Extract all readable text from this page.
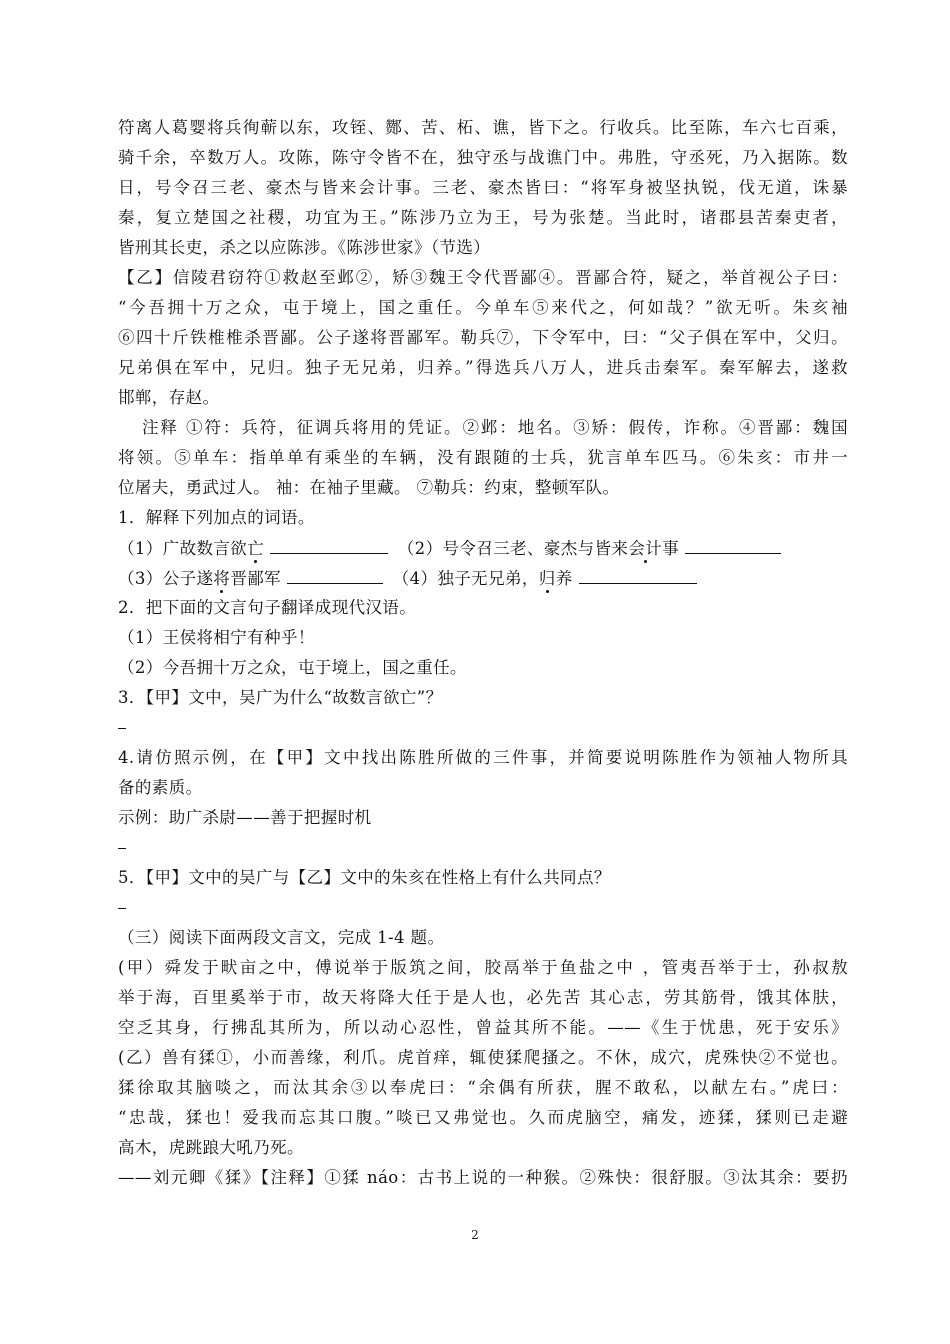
符离人葛婴将兵徇蕲以东，攻铚、酂、苦、柘、谯，皆下之。行收兵。比至陈，车六七百乘，
骑千余，卒数万人。攻陈，陈守令皆不在，独守丞与战谯门中。弗胜，守丞死，乃入据陈。数
日，号令召三老、豪杰与皆来会计事。三老、豪杰皆曰：“将军身被坚执锐，伐无道，诛暴
秦，复立楚国之社稷，功宜为王。”陈涉乃立为王，号为张楚。当此时，诸郡县苦秦吏者，
皆刑其长吏，杀之以应陈涉。《陈涉世家》（节选）
【乙】信陵君窃符①救赵至邺②，矫③魏王令代晋鄙④。晋鄙合符，疑之，举首视公子曰：
“今吾拥十万之众，屯于境上，国之重任。今单车⑤来代之，何如哉？”欲无听。朱亥袖
⑥四十斤铁椎椎杀晋鄙。公子遂将晋鄙军。勒兵⑦，下令军中，曰：“父子俱在军中，父归。
兄弟俱在军中，兄归。独子无兄弟，归养。”得选兵八万人，进兵击秦军。秦军解去，遂救
邯郸，存赵。
注释 ①符：兵符，征调兵将用的凭证。②邺：地名。③矫：假传，诈称。④晋鄙：魏国
将领。⑤单车：指单单有乘坐的车辆，没有跟随的士兵，犹言单车匹马。⑥朱亥：市井一
位屠夫，勇武过人。 袖：在袖子里藏。 ⑦勒兵：约束，整顿军队。
1．解释下列加点的词语。
（1）广故数言欲亡	（2）号令召三老、豪杰与皆来会计事
（3）公子遂将晋鄙军	（4）独子无兄弟，归养
2．把下面的文言句子翻译成现代汉语。
（1）王侯将相宁有种乎！
（2）今吾拥十万之众，屯于境上，国之重任。
3．【甲】文中，吴广为什么“故数言欲亡”？
4.请仿照示例，在【甲】文中找出陈胜所做的三件事，并简要说明陈胜作为领袖人物所具
备的素质。
示例：助广杀尉——善于把握时机
5．【甲】文中的吴广与【乙】文中的朱亥在性格上有什么共同点？
（三）阅读下面两段文言文，完成 1-4 题。
(甲）舜发于畎亩之中，傅说举于版筑之间，胶鬲举于鱼盐之中 ，管夷吾举于士，孙叔敖
举于海，百里奚举于市，故天将降大任于是人也，必先苦 其心志，劳其筋骨，饿其体肤，
空乏其身，行拂乱其所为，所以动心忍性，曾益其所不能。——《生于忧患，死于安乐》
(乙）兽有猱①，小而善缘，利爪。虎首痒，辄使猱爬搔之。不休，成穴，虎殊快②不觉也。
猱徐取其脑啖之，而汰其余③以奉虎曰：“余偶有所获，腥不敢私，以献左右。”虎曰：
“忠哉，猱也！爱我而忘其口腹。”啖已又弗觉也。久而虎脑空，痛发，迹猱，猱则已走避
高木，虎跳踉大吼乃死。
——刘元卿《猱》【注释】①猱 náo：古书上说的一种猴。②殊快：很舒服。③汰其余：要扔
2
